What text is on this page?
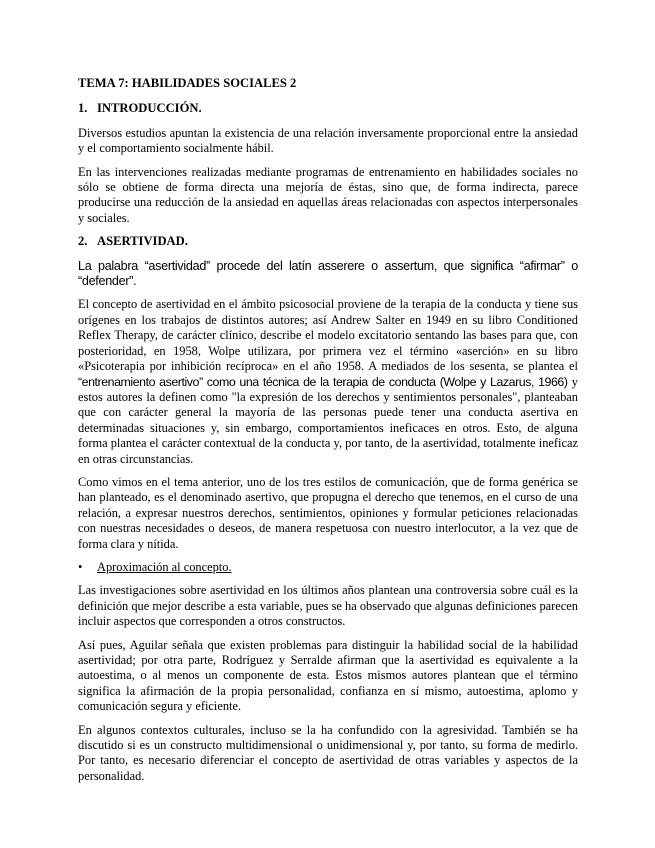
TEMA 7: HABILIDADES SOCIALES 2

1. INTRODUCCIÓN.

Diversos estudios apuntan la existencia de una relación inversamente proporcional entre la ansiedad y el comportamiento socialmente hábil.

En las intervenciones realizadas mediante programas de entrenamiento en habilidades sociales no sólo se obtiene de forma directa una mejoría de éstas, sino que, de forma indirecta, parece producirse una reducción de la ansiedad en aquellas áreas relacionadas con aspectos interpersonales y sociales.

2. ASERTIVIDAD.

La palabra “asertividad” procede del latín asserere o assertum, que significa “afirmar” o “defender”.

El concepto de asertividad en el ámbito psicosocial proviene de la terapia de la conducta y tiene sus orígenes en los trabajos de distintos autores; así Andrew Salter en 1949 en su libro Conditioned Reflex Therapy, de carácter clínico, describe el modelo excitatorio sentando las bases para que, con posterioridad, en 1958, Wolpe utilizara, por primera vez el término «aserción» en su libro «Psicoterapia por inhibición recíproca» en el año 1958. A mediados de los sesenta, se plantea el “entrenamiento asertivo” como una técnica de la terapia de conducta (Wolpe y Lazarus, 1966) y estos autores la definen como "la expresión de los derechos y sentimientos personales", planteaban que con carácter general la mayoría de las personas puede tener una conducta asertiva en determinadas situaciones y, sin embargo, comportamientos ineficaces en otros. Esto, de alguna forma plantea el carácter contextual de la conducta y, por tanto, de la asertividad, totalmente ineficaz en otras circunstancias.

Como vimos en el tema anterior, uno de los tres estilos de comunicación, que de forma genérica se han planteado, es el denominado asertivo, que propugna el derecho que tenemos, en el curso de una relación, a expresar nuestros derechos, sentimientos, opiniones y formular peticiones relacionadas con nuestras necesidades o deseos, de manera respetuosa con nuestro interlocutor, a la vez que de forma clara y nítida.

• Aproximación al concepto.

Las investigaciones sobre asertividad en los últimos años plantean una controversia sobre cuál es la definición que mejor describe a esta variable, pues se ha observado que algunas definiciones parecen incluir aspectos que corresponden a otros constructos.

Así pues, Aguilar señala que existen problemas para distinguir la habilidad social de la habilidad asertividad; por otra parte, Rodríguez y Serralde afirman que la asertividad es equivalente a la autoestima, o al menos un componente de esta. Estos mismos autores plantean que el término significa la afirmación de la propia personalidad, confianza en sí mismo, autoestima, aplomo y comunicación segura y eficiente.

En algunos contextos culturales, incluso se la ha confundido con la agresividad. También se ha discutido si es un constructo multidimensional o unidimensional y, por tanto, su forma de medirlo. Por tanto, es necesario diferenciar el concepto de asertividad de otras variables y aspectos de la personalidad.
